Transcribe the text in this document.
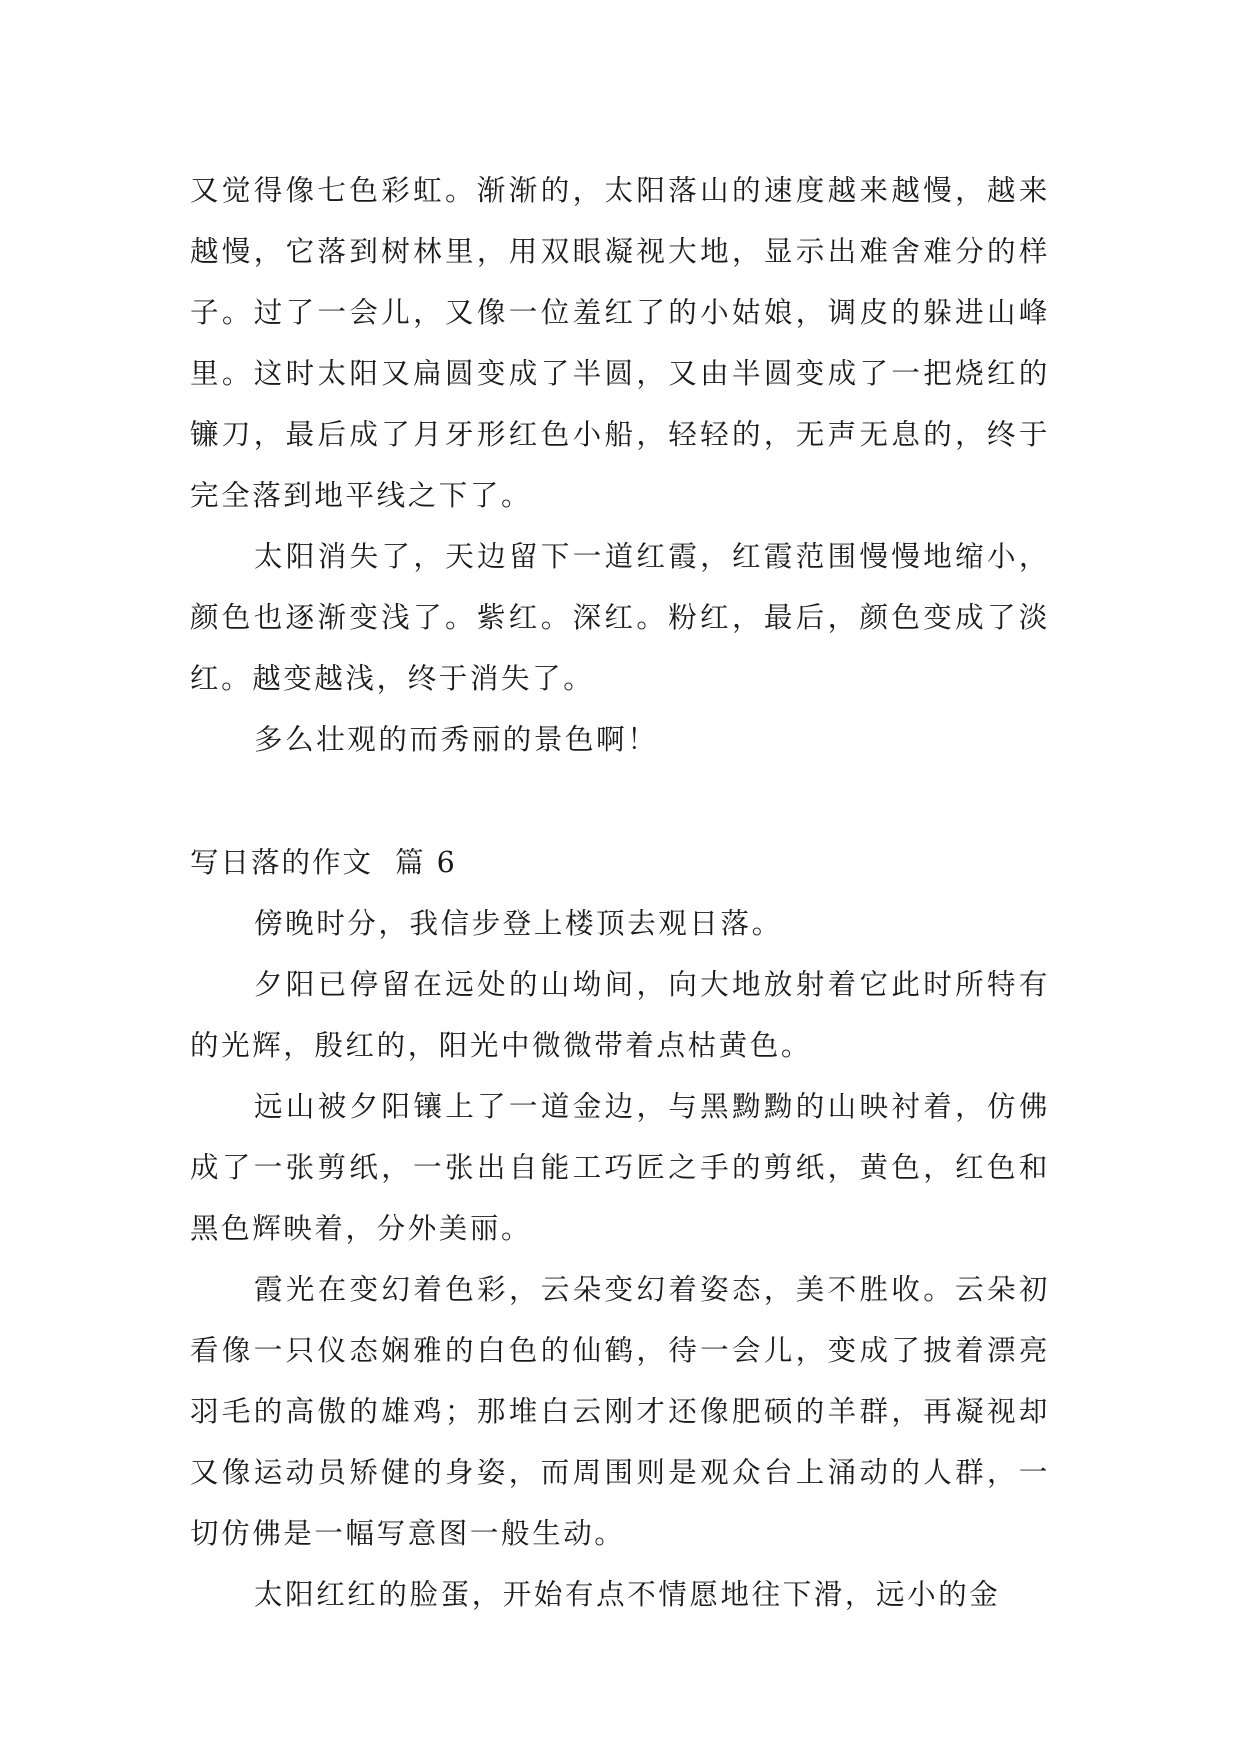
又觉得像七色彩虹。渐渐的，太阳落山的速度越来越慢，越来越慢，它落到树林里，用双眼凝视大地，显示出难舍难分的样子。过了一会儿，又像一位羞红了的小姑娘，调皮的躲进山峰里。这时太阳又扁圆变成了半圆，又由半圆变成了一把烧红的镰刀，最后成了月牙形红色小船，轻轻的，无声无息的，终于完全落到地平线之下了。

太阳消失了，天边留下一道红霞，红霞范围慢慢地缩小，颜色也逐渐变浅了。紫红。深红。粉红，最后，颜色变成了淡红。越变越浅，终于消失了。

多么壮观的而秀丽的景色啊！

写日落的作文  篇 6

傍晚时分，我信步登上楼顶去观日落。

夕阳已停留在远处的山坳间，向大地放射着它此时所特有的光辉，殷红的，阳光中微微带着点枯黄色。

远山被夕阳镶上了一道金边，与黑黝黝的山映衬着，仿佛成了一张剪纸，一张出自能工巧匠之手的剪纸，黄色，红色和黑色辉映着，分外美丽。

霞光在变幻着色彩，云朵变幻着姿态，美不胜收。云朵初看像一只仪态娴雅的白色的仙鹤，待一会儿，变成了披着漂亮羽毛的高傲的雄鸡；那堆白云刚才还像肥硕的羊群，再凝视却又像运动员矫健的身姿，而周围则是观众台上涌动的人群，一切仿佛是一幅写意图一般生动。

太阳红红的脸蛋，开始有点不情愿地往下滑，远小的金
